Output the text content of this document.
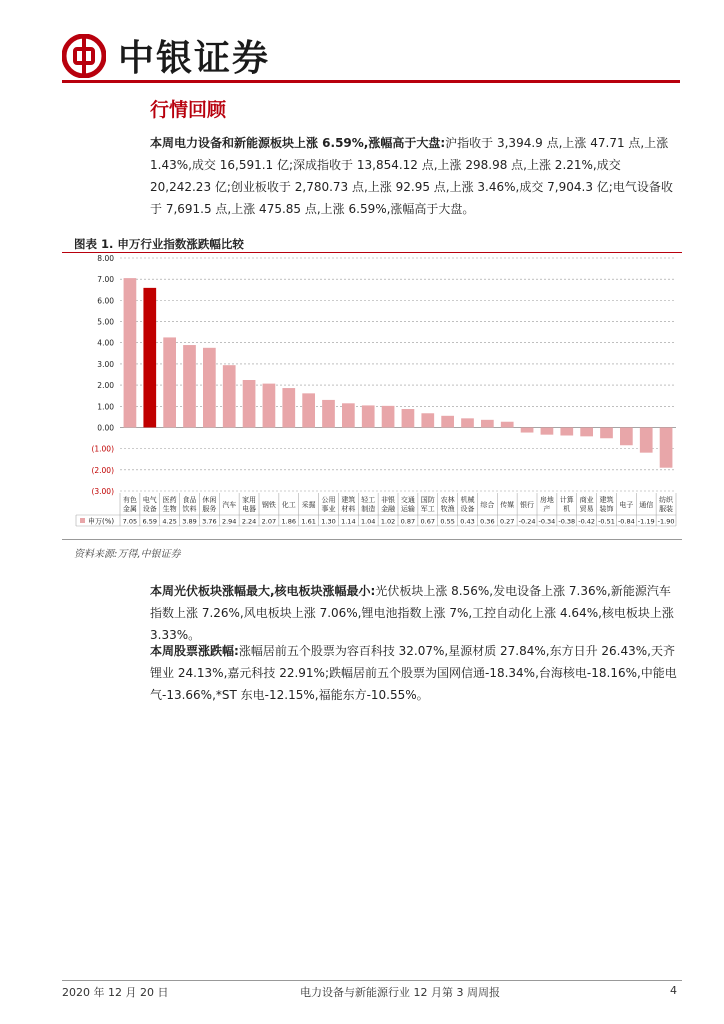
中银证券
行情回顾
本周电力设备和新能源板块上涨 6.59%,涨幅高于大盘:沪指收于 3,394.9 点,上涨 47.71 点,上涨 1.43%,成交 16,591.1 亿;深成指收于 13,854.12 点,上涨 298.98 点,上涨 2.21%,成交 20,242.23 亿;创业板收于 2,780.73 点,上涨 92.95 点,上涨 3.46%,成交 7,904.3 亿;电气设备收于 7,691.5 点,上涨 475.85 点,上涨 6.59%,涨幅高于大盘。
图表 1. 申万行业指数涨跌幅比较
8.00
7.00
6.00
5.00
4.00
3.00
2.00
1.00
0.00
(1.00)
(2.00)
(3.00)
申万(%)
有色金属
7.05
电气设备
6.59
医药生物
4.25
食品饮料
3.89
休闲服务
3.76
汽车
2.94
家用电器
2.24
钢铁
2.07
化工
1.86
采掘
1.61
公用事业
1.30
建筑材料
1.14
轻工制造
1.04
非银金融
1.02
交通运输
0.87
国防军工
0.67
农林牧渔
0.55
机械设备
0.43
综合
0.36
传媒
0.27
银行
-0.24
房地产
-0.34
计算机
-0.38
商业贸易
-0.42
建筑装饰
-0.51
电子
-0.84
通信
-1.19
纺织服装
-1.90
资料来源:万得,中银证券
本周光伏板块涨幅最大,核电板块涨幅最小:光伏板块上涨 8.56%,发电设备上涨 7.36%,新能源汽车指数上涨 7.26%,风电板块上涨 7.06%,锂电池指数上涨 7%,工控自动化上涨 4.64%,核电板块上涨 3.33%。
本周股票涨跌幅:涨幅居前五个股票为容百科技 32.07%,星源材质 27.84%,东方日升 26.43%,天齐锂业 24.13%,嘉元科技 22.91%;跌幅居前五个股票为国网信通-18.34%,台海核电-18.16%,中能电气-13.66%,*ST 东电-12.15%,福能东方-10.55%。
2020 年 12 月 20 日	电力设备与新能源行业 12 月第 3 周周报	4
